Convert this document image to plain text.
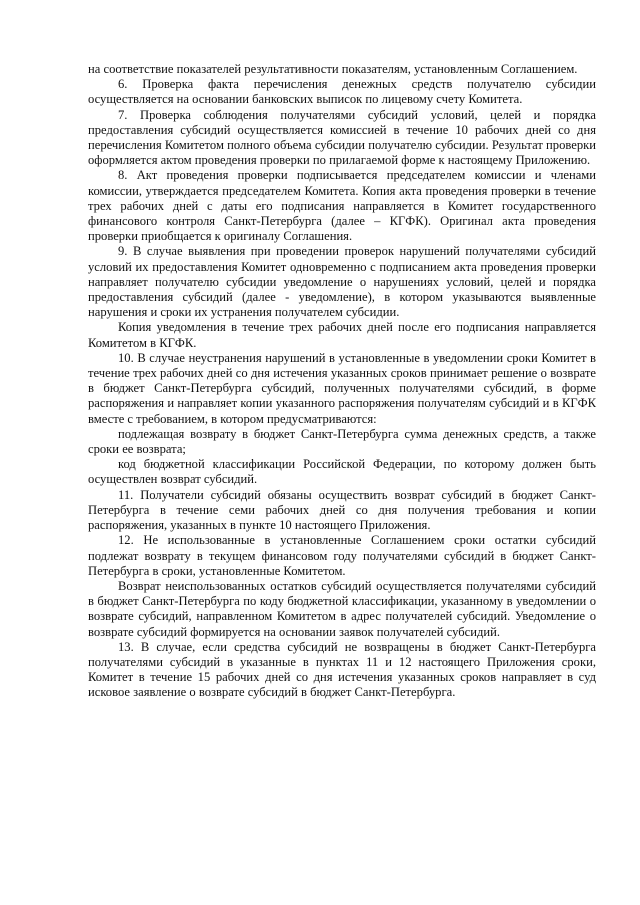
на соответствие показателей результативности показателям, установленным Соглашением.

6. Проверка факта перечисления денежных средств получателю субсидии осуществляется на основании банковских выписок по лицевому счету Комитета.

7. Проверка соблюдения получателями субсидий условий, целей и порядка предоставления субсидий осуществляется комиссией в течение 10 рабочих дней со дня перечисления Комитетом полного объема субсидии получателю субсидии. Результат проверки оформляется актом проведения проверки по прилагаемой форме к настоящему Приложению.

8. Акт проведения проверки подписывается председателем комиссии и членами комиссии, утверждается председателем Комитета. Копия акта проведения проверки в течение трех рабочих дней с даты его подписания направляется в Комитет государственного финансового контроля Санкт-Петербурга (далее – КГФК). Оригинал акта проведения проверки приобщается к оригиналу Соглашения.

9. В случае выявления при проведении проверок нарушений получателями субсидий условий их предоставления Комитет одновременно с подписанием акта проведения проверки направляет получателю субсидии уведомление о нарушениях условий, целей и порядка предоставления субсидий (далее - уведомление), в котором указываются выявленные нарушения и сроки их устранения получателем субсидии.

Копия уведомления в течение трех рабочих дней после его подписания направляется Комитетом в КГФК.

10. В случае неустранения нарушений в установленные в уведомлении сроки Комитет в течение трех рабочих дней со дня истечения указанных сроков принимает решение о возврате в бюджет Санкт-Петербурга субсидий, полученных получателями субсидий, в форме распоряжения и направляет копии указанного распоряжения получателям субсидий и в КГФК вместе с требованием, в котором предусматриваются:

подлежащая возврату в бюджет Санкт-Петербурга сумма денежных средств, а также сроки ее возврата;

код бюджетной классификации Российской Федерации, по которому должен быть осуществлен возврат субсидий.

11. Получатели субсидий обязаны осуществить возврат субсидий в бюджет Санкт-Петербурга в течение семи рабочих дней со дня получения требования и копии распоряжения, указанных в пункте 10 настоящего Приложения.

12. Не использованные в установленные Соглашением сроки остатки субсидий подлежат возврату в текущем финансовом году получателями субсидий в бюджет Санкт-Петербурга в сроки, установленные Комитетом.

Возврат неиспользованных остатков субсидий осуществляется получателями субсидий в бюджет Санкт-Петербурга по коду бюджетной классификации, указанному в уведомлении о возврате субсидий, направленном Комитетом в адрес получателей субсидий. Уведомление о возврате субсидий формируется на основании заявок получателей субсидий.

13. В случае, если средства субсидий не возвращены в бюджет Санкт-Петербурга получателями субсидий в указанные в пунктах 11 и 12 настоящего Приложения сроки, Комитет в течение 15 рабочих дней со дня истечения указанных сроков направляет в суд исковое заявление о возврате субсидий в бюджет Санкт-Петербурга.
